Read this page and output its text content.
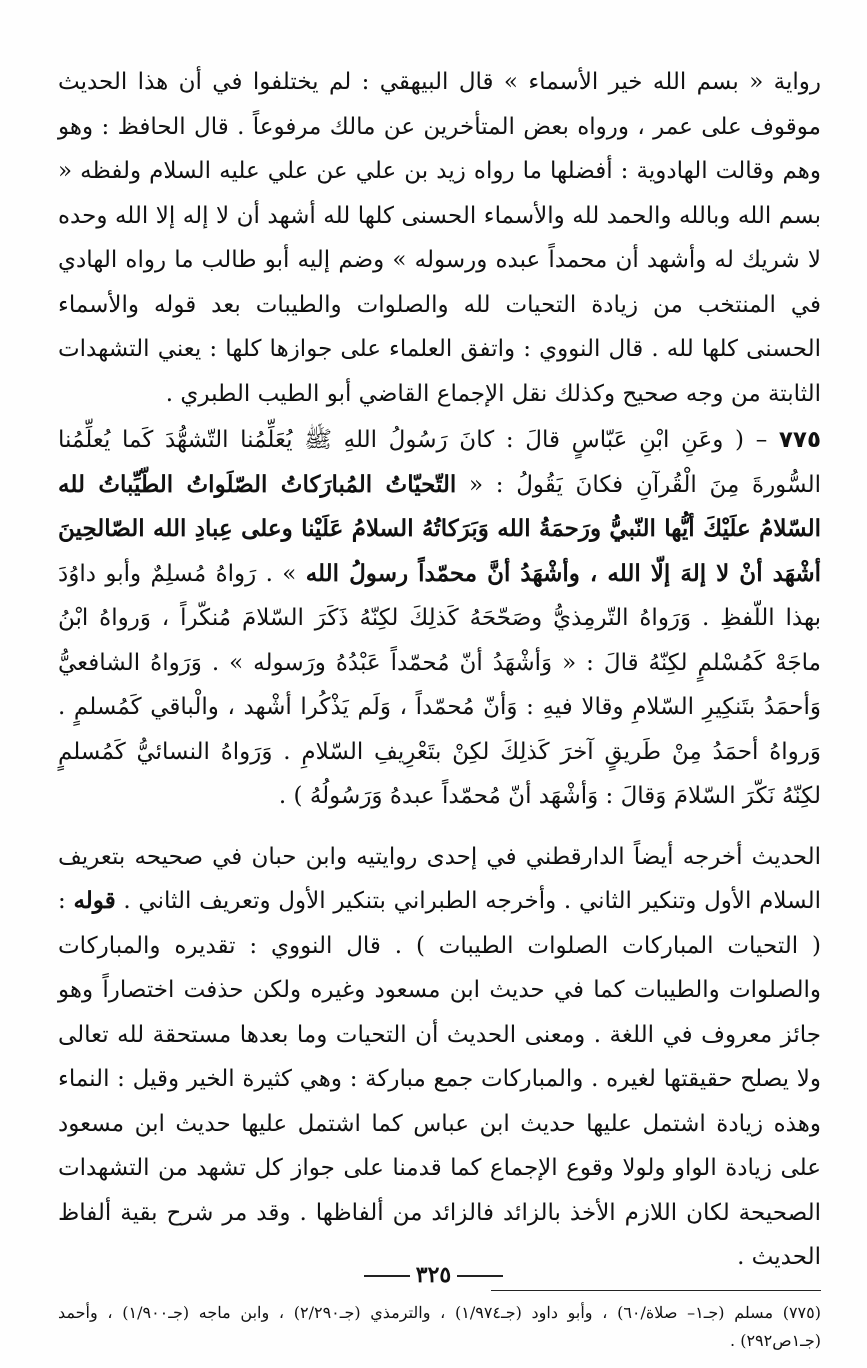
رواية « بسم الله خير الأسماء » قال البيهقي : لم يختلفوا في أن هذا الحديث موقوف على عمر ، ورواه بعض المتأخرين عن مالك مرفوعاً . قال الحافظ : وهو وهم وقالت الهادوية : أفضلها ما رواه زيد بن علي عن علي عليه السلام ولفظه « بسم الله وبالله والحمد لله والأسماء الحسنى كلها لله أشهد أن لا إله إلا الله وحده لا شريك له وأشهد أن محمداً عبده ورسوله » وضم إليه أبو طالب ما رواه الهادي في المنتخب من زيادة التحيات لله والصلوات والطيبات بعد قوله والأسماء الحسنى كلها لله . قال النووي : واتفق العلماء على جوازها كلها : يعني التشهدات الثابتة من وجه صحيح وكذلك نقل الإجماع القاضي أبو الطيب الطبري .

٧٧٥ – ( وعَنِ ابْنِ عَبّاسٍ قالَ : كانَ رَسُولُ اللهِ ﷺ يُعَلِّمُنا التّشهُّدَ كَما يُعلِّمُنا السُّورةَ مِنَ الْقُرآنِ فكانَ يَقُولُ : « التّحيّاتُ المُبارَكاتُ الصّلَواتُ الطّيِّباتُ لله السّلامُ علَيْكَ أيُّها النّبيُّ ورَحمَةُ الله وَبَرَكاتُهُ السلامُ عَلَيْنا وعلى عِبادِ الله الصّالحِينَ أشْهَد أنْ لا إلهَ إلّا الله ، وأشْهَدُ أنَّ محمّداً رسولُ الله » . رَواهُ مُسلِمٌ وأبو داوُدَ بهذا اللّفظِ . وَرَواهُ التّرمِذيُّ وصَحّحَهُ كَذلِكَ لكِنّهُ ذَكَرَ السّلامَ مُنكّراً ، وَرواهُ ابْنُ ماجَهْ كَمُسْلمٍ لكِنّهُ قالَ : « وَأشْهَدُ أنّ مُحمّداً عَبْدُهُ ورَسوله » . وَرَواهُ الشافعيُّ وَأحمَدُ بتَنكِيرِ السّلامِ وقالا فيهِ : وَأنّ مُحمّداً ، وَلَم يَذْكُرا أشْهد ، والْباقي كَمُسلمٍ . وَرواهُ أحمَدُ مِنْ طَريقٍ آخرَ كَذلِكَ لكِنْ بتَعْرِيفِ السّلامِ . وَرَواهُ النسائيُّ كَمُسلمٍ لكِنّهُ نَكّرَ السّلامَ وَقالَ : وَأشْهَد أنّ مُحمّداً عبدهُ وَرَسُولُهُ ) .

الحديث أخرجه أيضاً الدارقطني في إحدى روايتيه وابن حبان في صحيحه بتعريف السلام الأول وتنكير الثاني . وأخرجه الطبراني بتنكير الأول وتعريف الثاني . قوله : ( التحيات المباركات الصلوات الطيبات ) . قال النووي : تقديره والمباركات والصلوات والطيبات كما في حديث ابن مسعود وغيره ولكن حذفت اختصاراً وهو جائز معروف في اللغة . ومعنى الحديث أن التحيات وما بعدها مستحقة لله تعالى ولا يصلح حقيقتها لغيره . والمباركات جمع مباركة : وهي كثيرة الخير وقيل : النماء وهذه زيادة اشتمل عليها حديث ابن عباس كما اشتمل عليها حديث ابن مسعود على زيادة الواو ولولا وقوع الإجماع كما قدمنا على جواز كل تشهد من التشهدات الصحيحة لكان اللازم الأخذ بالزائد فالزائد من ألفاظها . وقد مر شرح بقية ألفاظ الحديث .

(٧٧٥) مسلم (جـ١– صلاة/٦٠) ، وأبو داود (جـ١/٩٧٤) ، والترمذي (جـ٢/٢٩٠) ، وابن ماجه (جـ١/٩٠٠) ، وأحمد (جـ١ص٢٩٢) .

٣٢٥
